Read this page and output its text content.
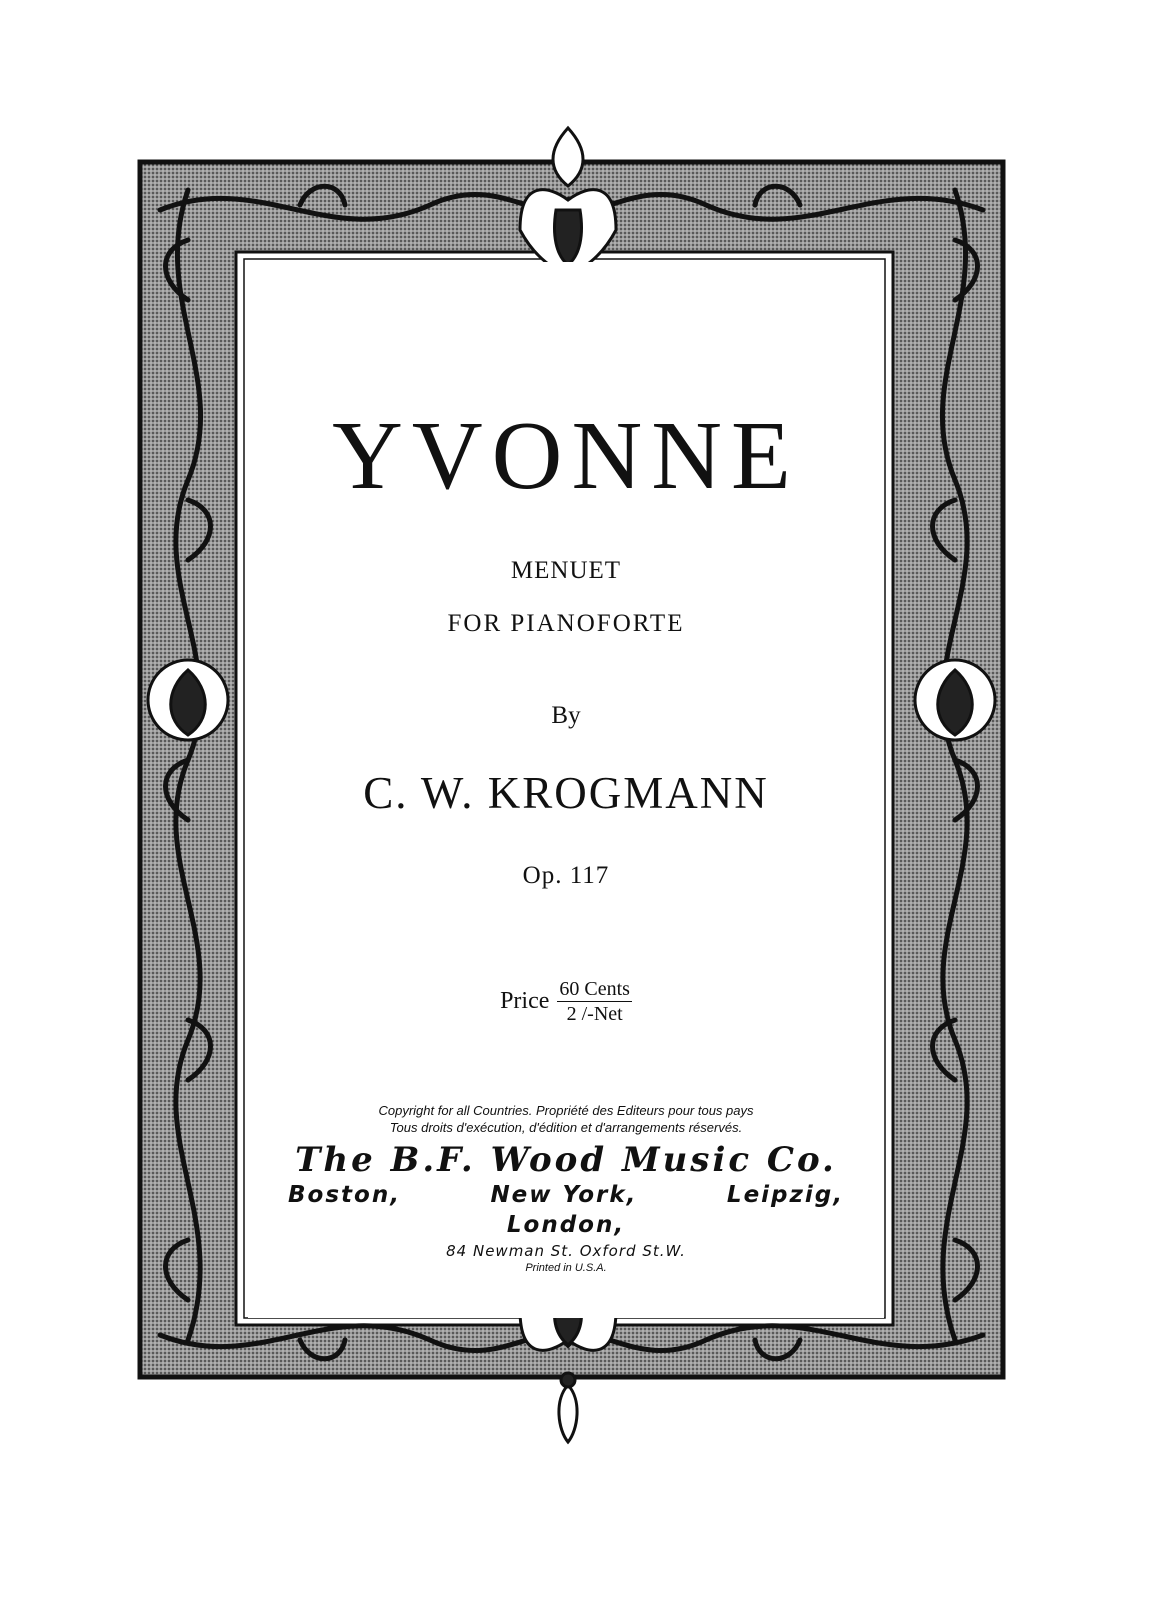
YVONNE
MENUET
FOR PIANOFORTE
By
C. W. KROGMANN
Op. 117
Price $\frac{\text{60 Cents}}{\text{2 /-Net}}$
Copyright for all Countries. Propriété des Editeurs pour tous pays
Tous droits d'exécution, d'édition et d'arrangements réservés.
The B.F. Wood Music Co.
Boston,	New York,	Leipzig,
London,
84 Newman St. Oxford St.W.
Printed in U.S.A.
